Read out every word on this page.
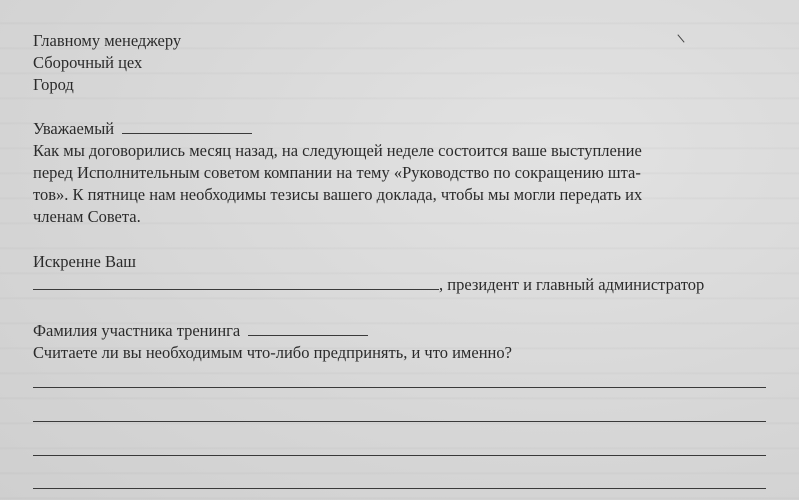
Главному менеджеру
Сборочный цех
Город
Уважаемый
Как мы договорились месяц назад, на следующей неделе состоится ваше выступление
перед Исполнительным советом компании на тему «Руководство по сокращению шта-
тов». К пятнице нам необходимы тезисы вашего доклада, чтобы мы могли передать их
членам Совета.
Искренне Ваш
, президент и главный администратор
Фамилия участника тренинга
Считаете ли вы необходимым что-либо предпринять, и что именно?
